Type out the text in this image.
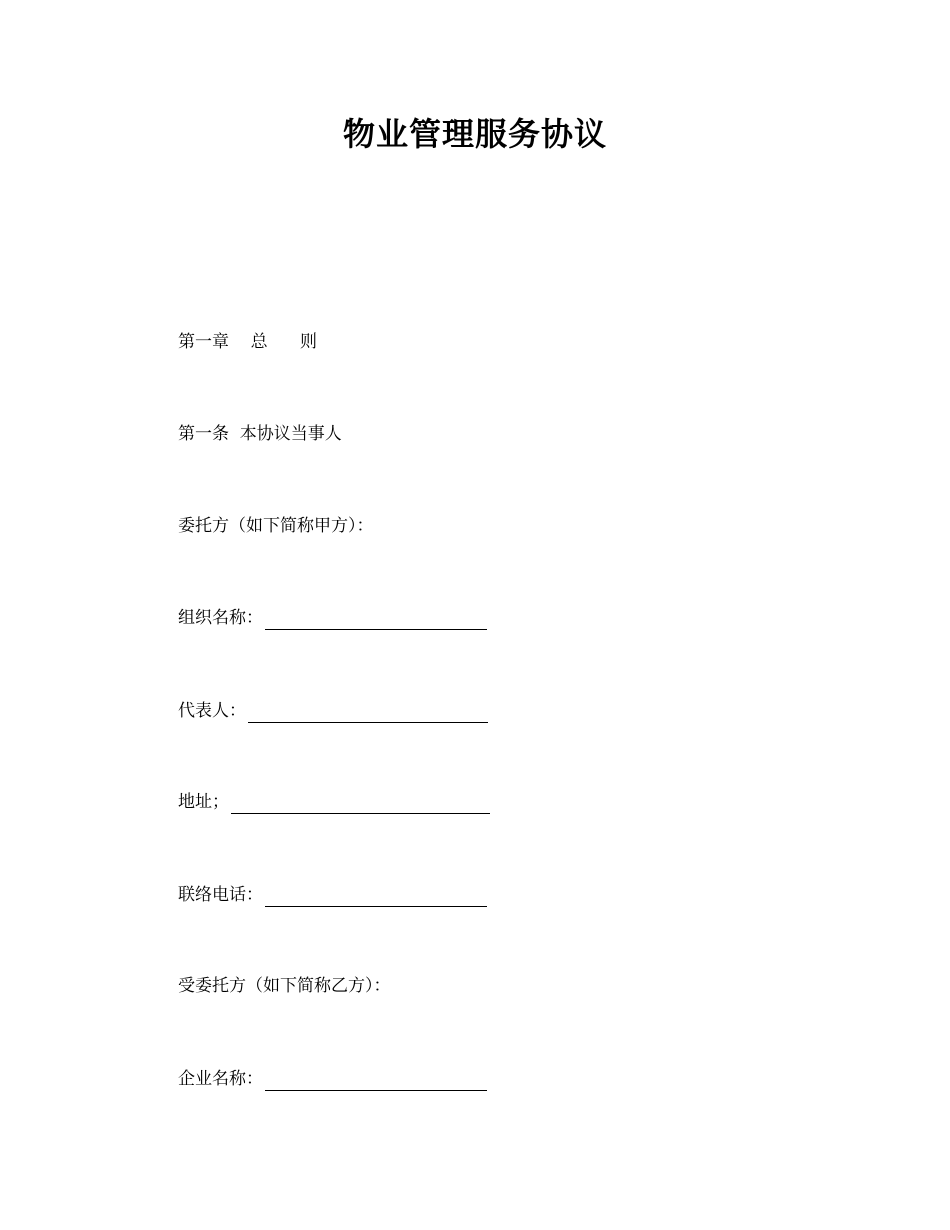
物业管理服务协议
第一章    总      则
第一条  本协议当事人
委托方（如下简称甲方）：
组织名称：
代表人：
地址；
联络电话：
受委托方（如下简称乙方）：
企业名称：
